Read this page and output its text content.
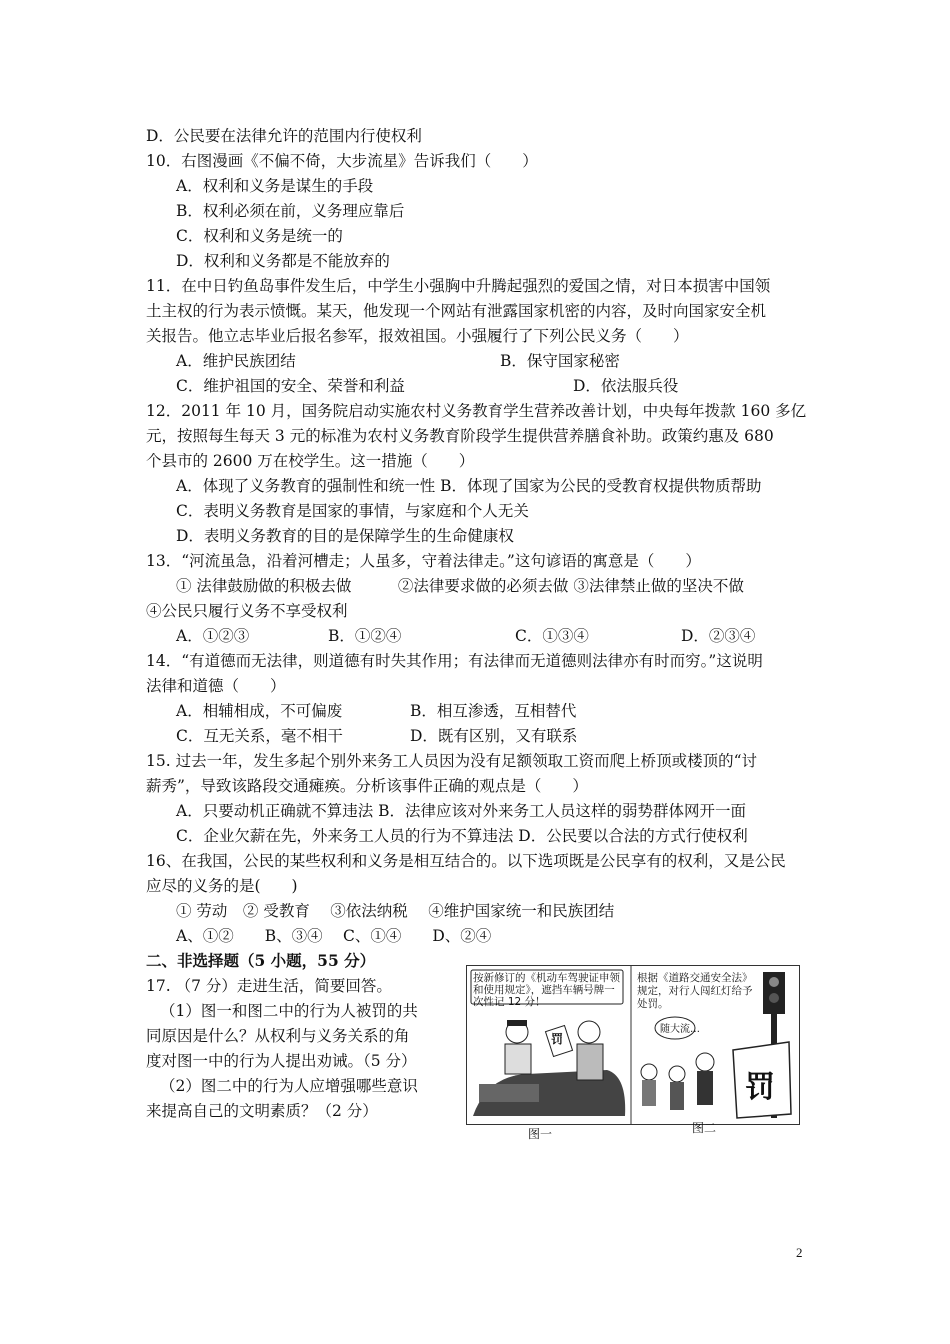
D．公民要在法律允许的范围内行使权利
10．右图漫画《不偏不倚，大步流星》告诉我们（　　）
A．权利和义务是谋生的手段
B．权利必须在前，义务理应靠后
C．权利和义务是统一的
D．权利和义务都是不能放弃的
11．在中日钓鱼岛事件发生后，中学生小强胸中升腾起强烈的爱国之情，对日本损害中国领
土主权的行为表示愤慨。某天，他发现一个网站有泄露国家机密的内容，及时向国家安全机
关报告。他立志毕业后报名参军，报效祖国。小强履行了下列公民义务（　　）
A．维护民族团结	B．保守国家秘密
C．维护祖国的安全、荣誉和利益	D．依法服兵役
12．2011 年 10 月，国务院启动实施农村义务教育学生营养改善计划，中央每年拨款 160 多亿
元，按照每生每天 3 元的标准为农村义务教育阶段学生提供营养膳食补助。政策约惠及 680
个县市的 2600 万在校学生。这一措施（　　）
A．体现了义务教育的强制性和统一性 B．体现了国家为公民的受教育权提供物质帮助
C．表明义务教育是国家的事情，与家庭和个人无关
D．表明义务教育的目的是保障学生的生命健康权
13．“河流虽急，沿着河槽走；人虽多，守着法律走。”这句谚语的寓意是（　　）
① 法律鼓励做的积极去做　　　②法律要求做的必须去做 ③法律禁止做的坚决不做
④公民只履行义务不享受权利
A．①②③	B．①②④	C．①③④	D．②③④
14．“有道德而无法律，则道德有时失其作用；有法律而无道德则法律亦有时而穷。”这说明
法律和道德（　　）
A．相辅相成，不可偏废	B．相互渗透，互相替代
C．互无关系，毫不相干	D．既有区别，又有联系
15. 过去一年，发生多起个别外来务工人员因为没有足额领取工资而爬上桥顶或楼顶的“讨
薪秀”，导致该路段交通瘫痪。分析该事件正确的观点是（　　）
A．只要动机正确就不算违法 B．法律应该对外来务工人员这样的弱势群体网开一面
C．企业欠薪在先，外来务工人员的行为不算违法 D．公民要以合法的方式行使权利
16、在我国，公民的某些权利和义务是相互结合的。以下选项既是公民享有的权利，又是公民
应尽的义务的是(　　)
① 劳动　② 受教育　 ③依法纳税　 ④维护国家统一和民族团结
A、①②　　B、③④　 C、①④　　D、②④
二、非选择题（5 小题，55 分）
17. （7 分）走进生活，简要回答。
（1）图一和图二中的行为人被罚的共
同原因是什么？从权利与义务关系的角
度对图一中的行为人提出劝诫。（5 分）
（2）图二中的行为人应增强哪些意识
来提高自己的文明素质？（2 分）
按新修订的《机动车驾驶证申领和使用规定》，遮挡车辆号牌一次性记 12 分！
根据《道路交通安全法》规定，对行人闯红灯给予处罚。
随大流…
罚
罚
图一	图二
2
